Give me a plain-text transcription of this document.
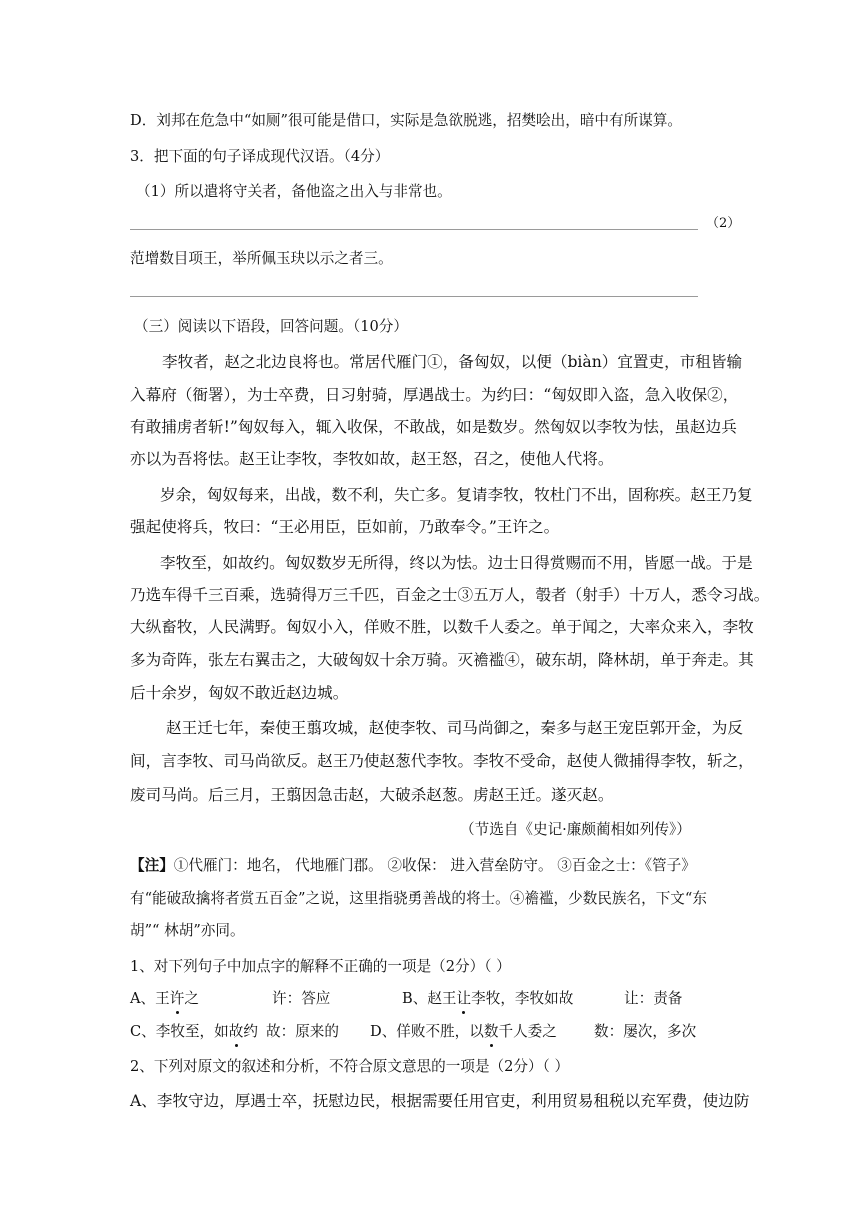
D．刘邦在危急中“如厕”很可能是借口，实际是急欲脱逃，招樊哙出，暗中有所谋算。
3．把下面的句子译成现代汉语。（4分）
（1）所以遣将守关者，备他盗之出入与非常也。
（2）
范增数目项王，举所佩玉玦以示之者三。
（三）阅读以下语段，回答问题。（10分）
李牧者，赵之北边良将也。常居代雁门①，备匈奴，以便（biàn）宜置吏，市租皆输
入幕府（衙署），为士卒费，日习射骑，厚遇战士。为约曰：“匈奴即入盗，急入收保②，
有敢捕虏者斩!”匈奴每入，辄入收保，不敢战，如是数岁。然匈奴以李牧为怯，虽赵边兵
亦以为吾将怯。赵王让李牧，李牧如故，赵王怒，召之，使他人代将。
岁余，匈奴每来，出战，数不利，失亡多。复请李牧，牧杜门不出，固称疾。赵王乃复
强起使将兵，牧曰：“王必用臣，臣如前，乃敢奉令。”王许之。
李牧至，如故约。匈奴数岁无所得，终以为怯。边士日得赏赐而不用，皆愿一战。于是
乃选车得千三百乘，选骑得万三千匹，百金之士③五万人，彀者（射手）十万人，悉令习战。
大纵畜牧，人民满野。匈奴小入，佯败不胜，以数千人委之。单于闻之，大率众来入，李牧
多为奇阵，张左右翼击之，大破匈奴十余万骑。灭襜褴④，破东胡，降林胡，单于奔走。其
后十余岁，匈奴不敢近赵边城。
赵王迁七年，秦使王翦攻城，赵使李牧、司马尚御之，秦多与赵王宠臣郭开金，为反
间，言李牧、司马尚欲反。赵王乃使赵葱代李牧。李牧不受命，赵使人微捕得李牧，斩之，
废司马尚。后三月，王翦因急击赵，大破杀赵葱。虏赵王迁。遂灭赵。
（节选自《史记·廉颇蔺相如列传》）
【注】①代雁门：地名， 代地雁门郡。 ②收保： 进入营垒防守。 ③百金之士：《管子》
有“能破敌擒将者赏五百金”之说，这里指骁勇善战的将士。④襜褴，少数民族名，下文“东
胡”“ 林胡”亦同。
1、对下列句子中加点字的解释不正确的一项是（2分）（ ）
A、王许之	许：答应	B、赵王让李牧，李牧如故	让：责备
C、李牧至，如故约 故：原来的 D、佯败不胜，以数千人委之	数：屡次，多次
2、下列对原文的叙述和分析，不符合原文意思的一项是（2分）（ ）
A、李牧守边，厚遇士卒，抚慰边民，根据需要任用官吏，利用贸易租税以充军费，使边防
